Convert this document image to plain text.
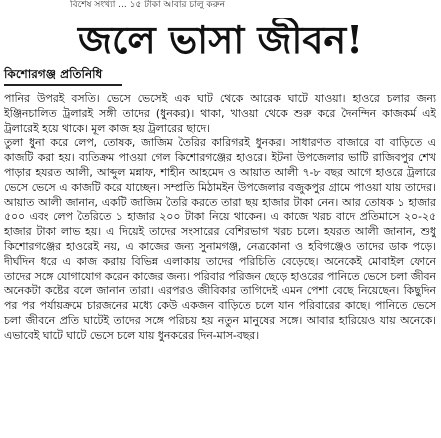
বিশেষ সংখ্যা ... ১৫ টাকা আবার চালু করুন
জলে ভাসা জীবন!
কিশোরগঞ্জ প্রতিনিধি

পানির উপরই বসতি। ভেসে ভেসেই এক ঘাট থেকে আরেক ঘাটে যাওয়া। হাওরে চলার জন্য ইঞ্জিনচালিত ট্রলারই সঙ্গী তাদের (ধুনকর)। থাকা, খাওয়া থেকে শুরু করে দৈনন্দিন কাজকর্ম এই ট্রলারেই হয়ে থাকে। মূল কাজ হয় ট্রলারের ছাদে।

তুলা ধুনা করে লেপ, তোষক, জাজিম তৈরির কারিগরই ধুনকর। সাধারণত বাজারে বা বাড়িতে এ কাজটি করা হয়। ব্যতিক্রম পাওয়া গেল কিশোরগঞ্জের হাওরে। ইটনা উপজেলার ভাটি রাজিবপুর শেখ পাড়ার হযরত আলী, আব্দুল মন্নাফ, শাহীন আহমেদ ও আয়াত আলী ৭-৮ বছর আগে হাওরে ট্রলারে ভেসে ভেসে এ কাজটি করে যাচ্ছেন। সম্প্রতি মিঠামইন উপজেলার বজুকপুর গ্রামে পাওয়া যায় তাদের। আয়াত আলী জানান, একটি জাজিম তৈরি করতে তারা ছয় হাজার টাকা নেন। আর তোষক ১ হাজার ৫০০ এবং লেপ তৈরিতে ১ হাজার ২০০ টাকা নিয়ে থাকেন। এ কাজে খরচ বাদে প্রতিমাসে ২০-২৫ হাজার টাকা লাভ হয়। এ দিয়েই তাদের সংসারের বেশিরভাগ খরচ চলে। হযরত আলী জানান, শুধু কিশোরগঞ্জের হাওরেই নয়, এ কাজের জন্য সুনামগঞ্জ, নেত্রকোনা ও হবিগঞ্জেও তাদের ডাক পড়ে। দীর্ঘদিন ধরে এ কাজ করায় বিভিন্ন এলাকায় তাদের পরিচিতি বেড়েছে। অনেকেই মোবাইল ফোনে তাদের সঙ্গে যোগাযোগ করেন কাজের জন্য। পরিবার পরিজন ছেড়ে হাওরের পানিতে ভেসে চলা জীবন অনেকটা কষ্টের বলে জানান তারা। এরপরও জীবিকার তাগিদেই এমন পেশা বেছে নিয়েছেন। কিছুদিন পর পর পর্যায়ক্রমে চারজনের মধ্যে কেউ একজন বাড়িতে চলে যান পরিবারের কাছে। পানিতে ভেসে চলা জীবনে প্রতি ঘাটেই তাদের সঙ্গে পরিচয় হয় নতুন মানুষের সঙ্গে। আবার হারিয়েও যায় অনেকে। এভাবেই ঘাটে ঘাটে ভেসে চলে যায় ধুনকরের দিন-মাস-বছর।
